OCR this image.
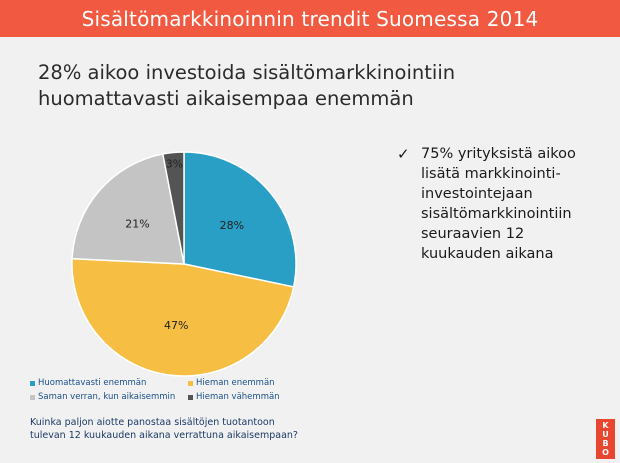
Sisältömarkkinoinnin trendit Suomessa 2014
28% aikoo investoida sisältömarkkinointiin
huomattavasti aikaisempaa enemmän
28%
47%
21%
3%
✓ 75% yrityksistä aikoo
lisätä markkinointi-
investointejaan
sisältömarkkinointiin
seuraavien 12
kuukauden aikana
Huomattavasti enemmän	Hieman enemmän
Saman verran, kun aikaisemmin Hieman vähemmän
Kuinka paljon aiotte panostaa sisältöjen tuotantoon
tulevan 12 kuukauden aikana verrattuna aikaisempaan?
K
U
B
O
